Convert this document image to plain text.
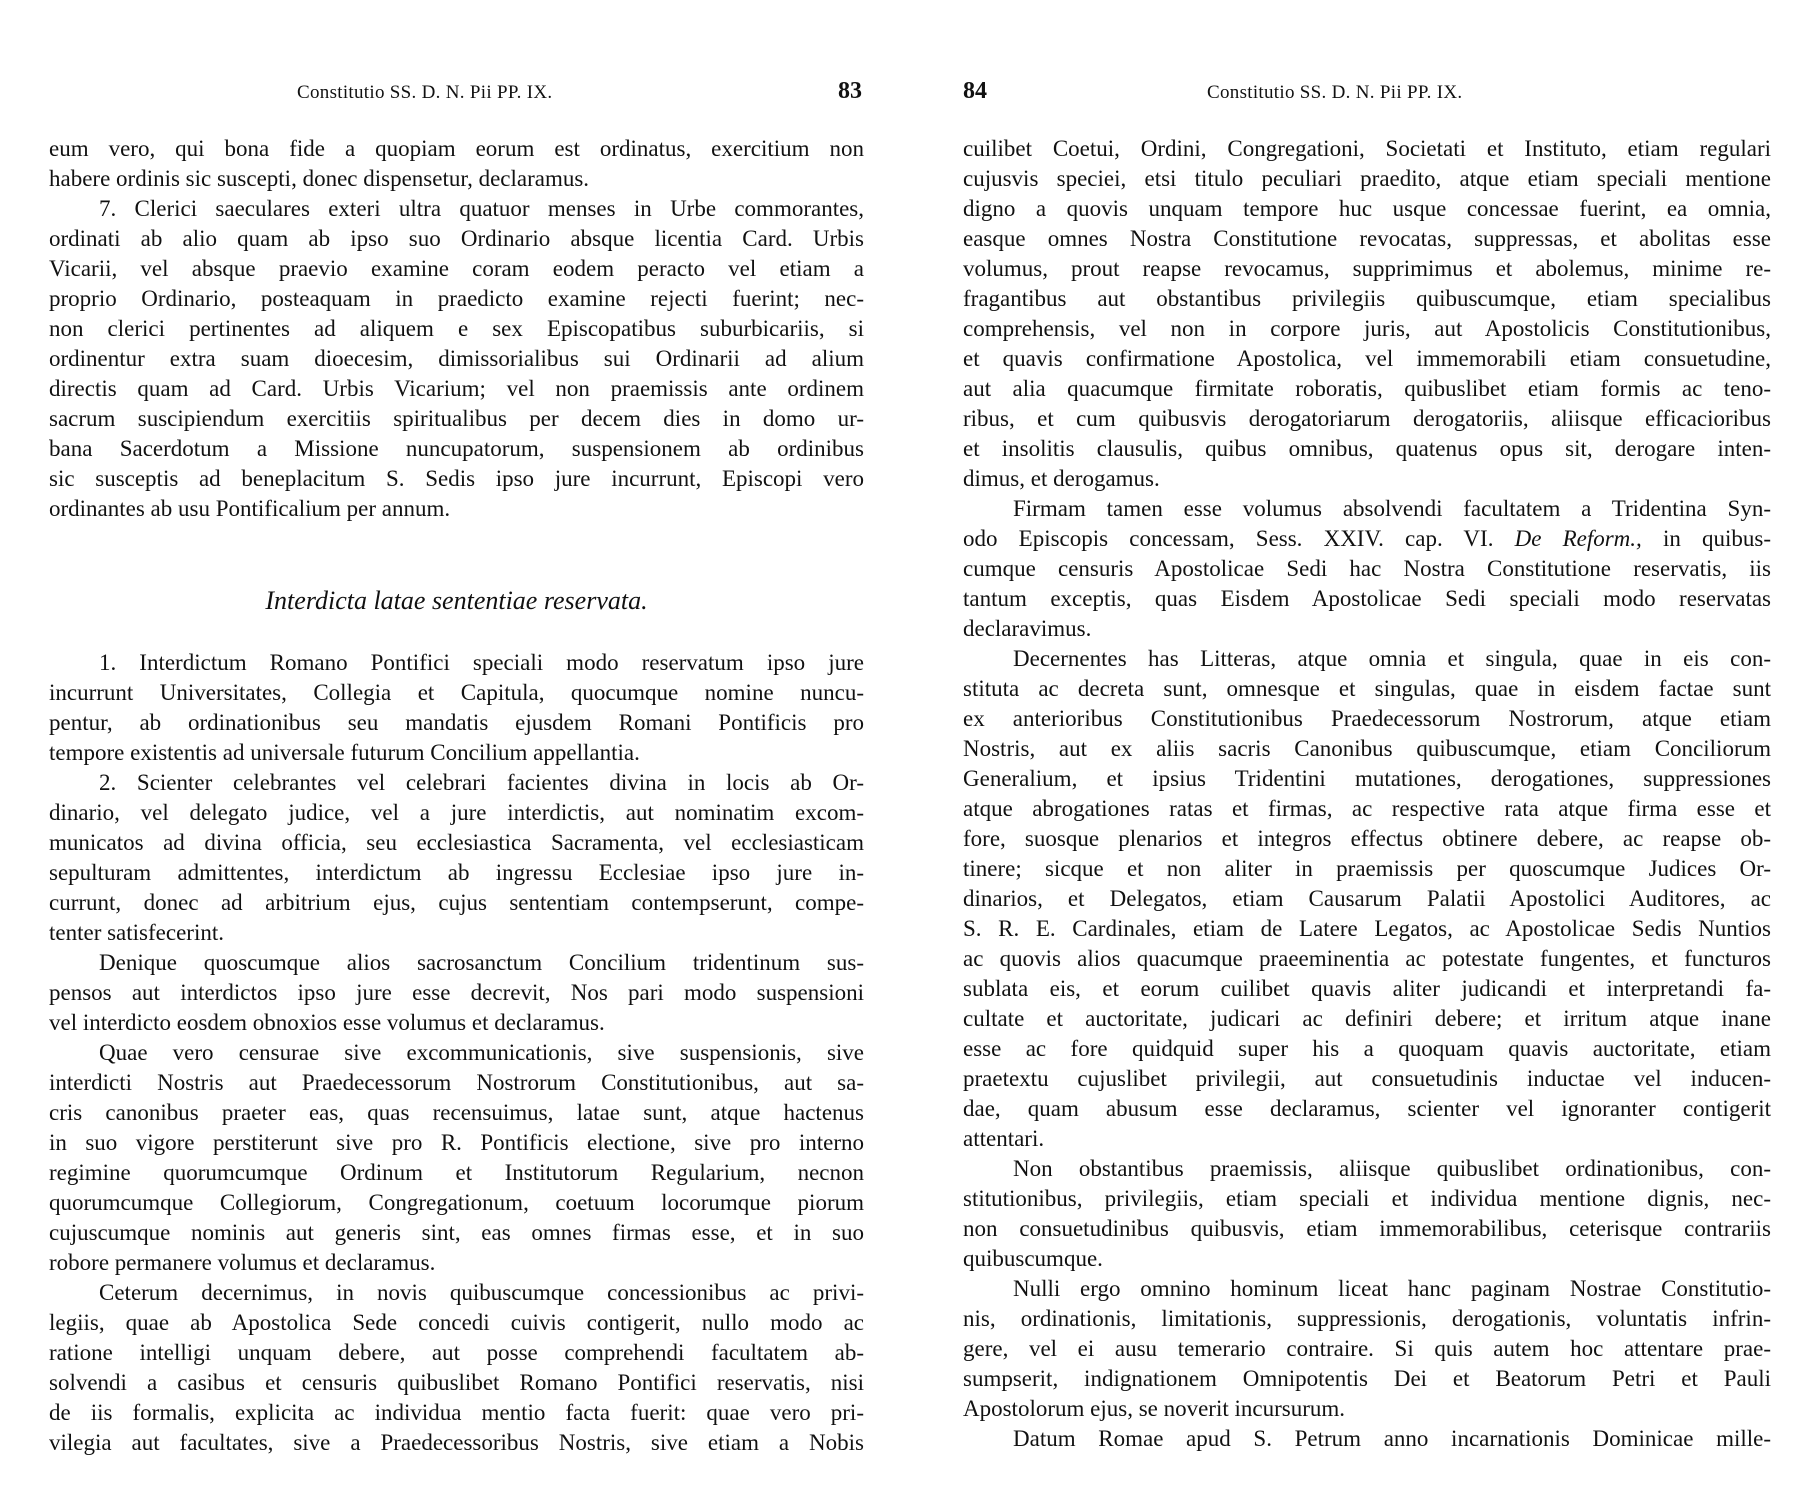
Constitutio SS. D. N. Pii PP. IX.	83	84	Constitutio SS. D. N. Pii PP. IX.
eum vero, qui bona fide a quopiam eorum est ordinatus, exercitium non
habere ordinis sic suscepti, donec dispensetur, declaramus.
7. Clerici saeculares exteri ultra quatuor menses in Urbe commorantes,
ordinati ab alio quam ab ipso suo Ordinario absque licentia Card. Urbis
Vicarii, vel absque praevio examine coram eodem peracto vel etiam a
proprio Ordinario, posteaquam in praedicto examine rejecti fuerint; nec-
non clerici pertinentes ad aliquem e sex Episcopatibus suburbicariis, si
ordinentur extra suam dioecesim, dimissorialibus sui Ordinarii ad alium
directis quam ad Card. Urbis Vicarium; vel non praemissis ante ordinem
sacrum suscipiendum exercitiis spiritualibus per decem dies in domo ur-
bana Sacerdotum a Missione nuncupatorum, suspensionem ab ordinibus
sic susceptis ad beneplacitum S. Sedis ipso jure incurrunt, Episcopi vero
ordinantes ab usu Pontificalium per annum.
Interdicta latae sententiae reservata.
1. Interdictum Romano Pontifici speciali modo reservatum ipso jure
incurrunt Universitates, Collegia et Capitula, quocumque nomine nuncu-
pentur, ab ordinationibus seu mandatis ejusdem Romani Pontificis pro
tempore existentis ad universale futurum Concilium appellantia.
2. Scienter celebrantes vel celebrari facientes divina in locis ab Or-
dinario, vel delegato judice, vel a jure interdictis, aut nominatim excom-
municatos ad divina officia, seu ecclesiastica Sacramenta, vel ecclesiasticam
sepulturam admittentes, interdictum ab ingressu Ecclesiae ipso jure in-
currunt, donec ad arbitrium ejus, cujus sententiam contempserunt, compe-
tenter satisfecerint.
Denique quoscumque alios sacrosanctum Concilium tridentinum sus-
pensos aut interdictos ipso jure esse decrevit, Nos pari modo suspensioni
vel interdicto eosdem obnoxios esse volumus et declaramus.
Quae vero censurae sive excommunicationis, sive suspensionis, sive
interdicti Nostris aut Praedecessorum Nostrorum Constitutionibus, aut sa-
cris canonibus praeter eas, quas recensuimus, latae sunt, atque hactenus
in suo vigore perstiterunt sive pro R. Pontificis electione, sive pro interno
regimine quorumcumque Ordinum et Institutorum Regularium, necnon
quorumcumque Collegiorum, Congregationum, coetuum locorumque piorum
cujuscumque nominis aut generis sint, eas omnes firmas esse, et in suo
robore permanere volumus et declaramus.
Ceterum decernimus, in novis quibuscumque concessionibus ac privi-
legiis, quae ab Apostolica Sede concedi cuivis contigerit, nullo modo ac
ratione intelligi unquam debere, aut posse comprehendi facultatem ab-
solvendi a casibus et censuris quibuslibet Romano Pontifici reservatis, nisi
de iis formalis, explicita ac individua mentio facta fuerit: quae vero pri-
vilegia aut facultates, sive a Praedecessoribus Nostris, sive etiam a Nobis
cuilibet Coetui, Ordini, Congregationi, Societati et Instituto, etiam regulari
cujusvis speciei, etsi titulo peculiari praedito, atque etiam speciali mentione
digno a quovis unquam tempore huc usque concessae fuerint, ea omnia,
easque omnes Nostra Constitutione revocatas, suppressas, et abolitas esse
volumus, prout reapse revocamus, supprimimus et abolemus, minime re-
fragantibus aut obstantibus privilegiis quibuscumque, etiam specialibus
comprehensis, vel non in corpore juris, aut Apostolicis Constitutionibus,
et quavis confirmatione Apostolica, vel immemorabili etiam consuetudine,
aut alia quacumque firmitate roboratis, quibuslibet etiam formis ac teno-
ribus, et cum quibusvis derogatoriarum derogatoriis, aliisque efficacioribus
et insolitis clausulis, quibus omnibus, quatenus opus sit, derogare inten-
dimus, et derogamus.
Firmam tamen esse volumus absolvendi facultatem a Tridentina Syn-
odo Episcopis concessam, Sess. XXIV. cap. VI. De Reform., in quibus-
cumque censuris Apostolicae Sedi hac Nostra Constitutione reservatis, iis
tantum exceptis, quas Eisdem Apostolicae Sedi speciali modo reservatas
declaravimus.
Decernentes has Litteras, atque omnia et singula, quae in eis con-
stituta ac decreta sunt, omnesque et singulas, quae in eisdem factae sunt
ex anterioribus Constitutionibus Praedecessorum Nostrorum, atque etiam
Nostris, aut ex aliis sacris Canonibus quibuscumque, etiam Conciliorum
Generalium, et ipsius Tridentini mutationes, derogationes, suppressiones
atque abrogationes ratas et firmas, ac respective rata atque firma esse et
fore, suosque plenarios et integros effectus obtinere debere, ac reapse ob-
tinere; sicque et non aliter in praemissis per quoscumque Judices Or-
dinarios, et Delegatos, etiam Causarum Palatii Apostolici Auditores, ac
S. R. E. Cardinales, etiam de Latere Legatos, ac Apostolicae Sedis Nuntios
ac quovis alios quacumque praeeminentia ac potestate fungentes, et functuros
sublata eis, et eorum cuilibet quavis aliter judicandi et interpretandi fa-
cultate et auctoritate, judicari ac definiri debere; et irritum atque inane
esse ac fore quidquid super his a quoquam quavis auctoritate, etiam
praetextu cujuslibet privilegii, aut consuetudinis inductae vel inducen-
dae, quam abusum esse declaramus, scienter vel ignoranter contigerit
attentari.
Non obstantibus praemissis, aliisque quibuslibet ordinationibus, con-
stitutionibus, privilegiis, etiam speciali et individua mentione dignis, nec-
non consuetudinibus quibusvis, etiam immemorabilibus, ceterisque contrariis
quibuscumque.
Nulli ergo omnino hominum liceat hanc paginam Nostrae Constitutio-
nis, ordinationis, limitationis, suppressionis, derogationis, voluntatis infrin-
gere, vel ei ausu temerario contraire. Si quis autem hoc attentare prae-
sumpserit, indignationem Omnipotentis Dei et Beatorum Petri et Pauli
Apostolorum ejus, se noverit incursurum.
Datum Romae apud S. Petrum anno incarnationis Dominicae mille-
